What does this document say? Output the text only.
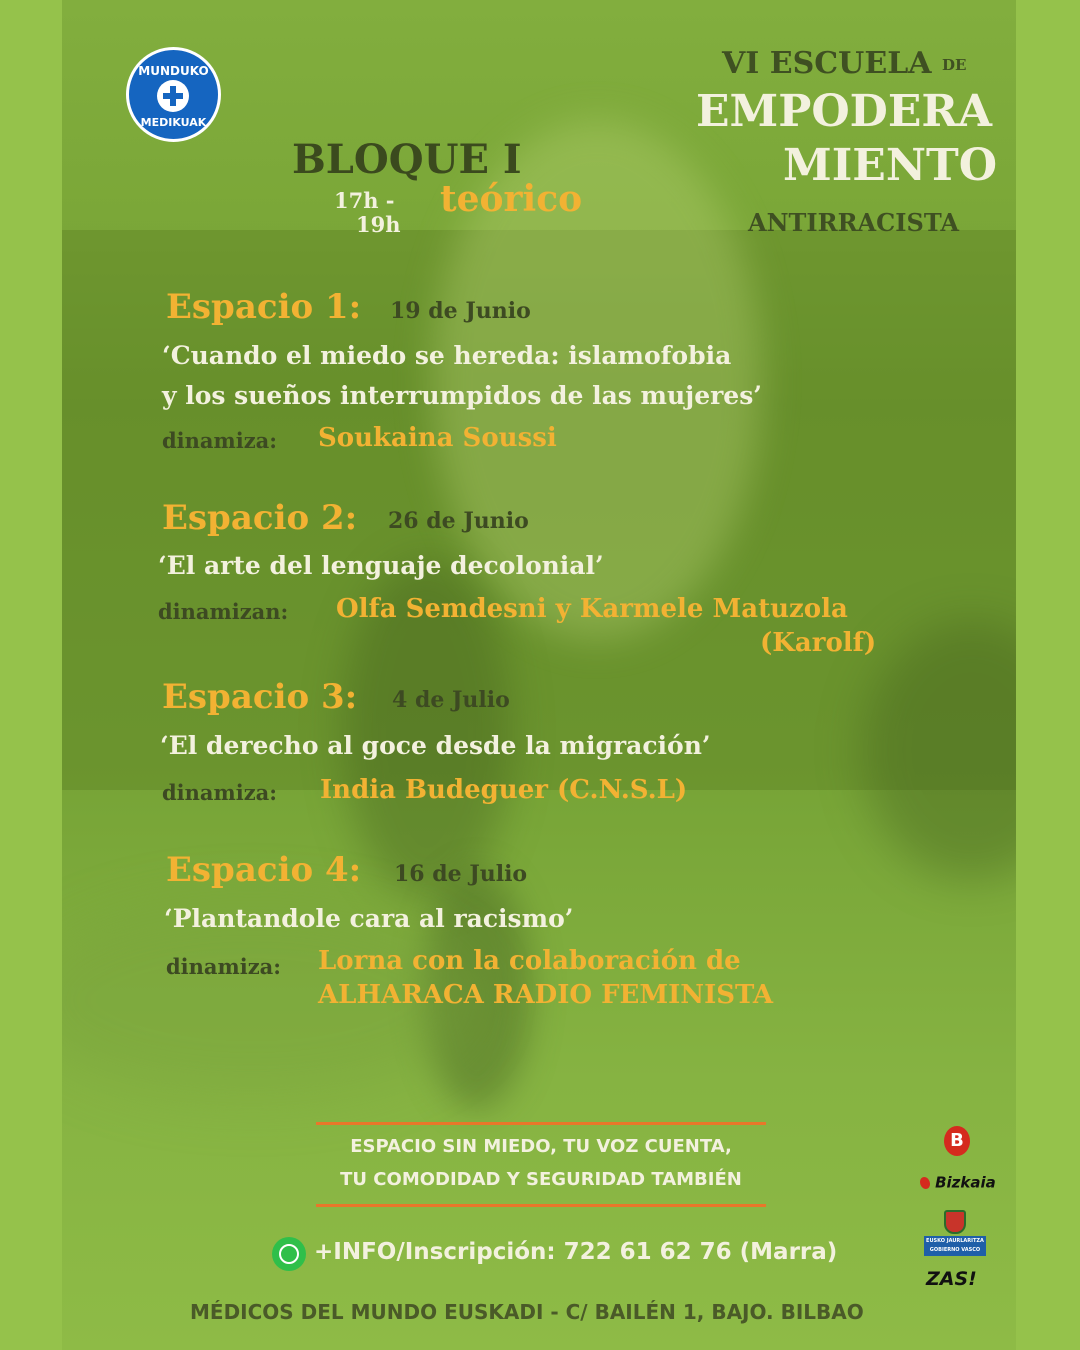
MUNDUKO
MEDIKUAK
VI ESCUELA DE
EMPODERA
MIENTO
ANTIRRACISTA
BLOQUE I
17h -
19h
teórico
Espacio 1: 19 de Junio
‘Cuando el miedo se hereda: islamofobia
y los sueños interrumpidos de las mujeres’
dinamiza: Soukaina Soussi
Espacio 2: 26 de Junio
‘El arte del lenguaje decolonial’
dinamizan: Olfa Semdesni y Karmele Matuzola
(Karolf)
Espacio 3: 4 de Julio
‘El derecho al goce desde la migración’
dinamiza: India Budeguer (C.N.S.L)
Espacio 4: 16 de Julio
‘Plantandole cara al racismo’
dinamiza: Lorna con la colaboración de
ALHARACA RADIO FEMINISTA
ESPACIO SIN MIEDO, TU VOZ CUENTA,
TU COMODIDAD Y SEGURIDAD TAMBIÉN
+INFO/Inscripción: 722 61 62 76 (Marra)
MÉDICOS DEL MUNDO EUSKADI - C/ BAILÉN 1, BAJO. BILBAO
B
Bizkaia
EUSKO JAURLARITZA
GOBIERNO VASCO
ZAS!
